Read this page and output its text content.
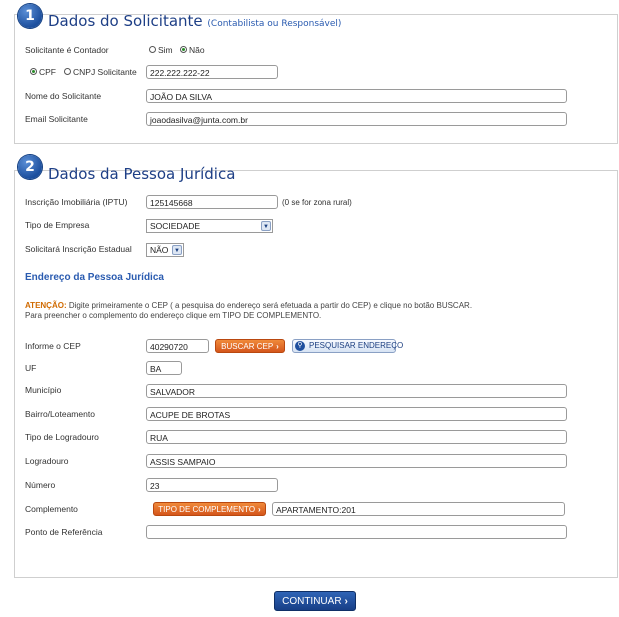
1 Dados do Solicitante (Contabilista ou Responsável)
Solicitante é Contador	Sim	Não
CPF	CNPJ Solicitante	222.222.222-22
Nome do Solicitante	JOÃO DA SILVA
Email Solicitante	joaodasilva@junta.com.br
2 Dados da Pessoa Jurídica
Inscrição Imobiliária (IPTU)	125145668	(0 se for zona rural)
Tipo de Empresa	SOCIEDADE	▼
Solicitará Inscrição Estadual	NÃO ▼
Endereço da Pessoa Jurídica
ATENÇÃO: Digite primeiramente o CEP ( a pesquisa do endereço será efetuada a partir do CEP) e clique no botão BUSCAR.
Para preencher o complemento do endereço clique em TIPO DE COMPLEMENTO.
Informe o CEP	40290720	BUSCAR CEP ›	⚲ PESQUISAR ENDEREÇO
UF	BA
Município	SALVADOR
Bairro/Loteamento	ACUPE DE BROTAS
Tipo de Logradouro	RUA
Logradouro	ASSIS SAMPAIO
Número	23
Complemento	TIPO DE COMPLEMENTO ›	APARTAMENTO:201
Ponto de Referência
CONTINUAR ›
